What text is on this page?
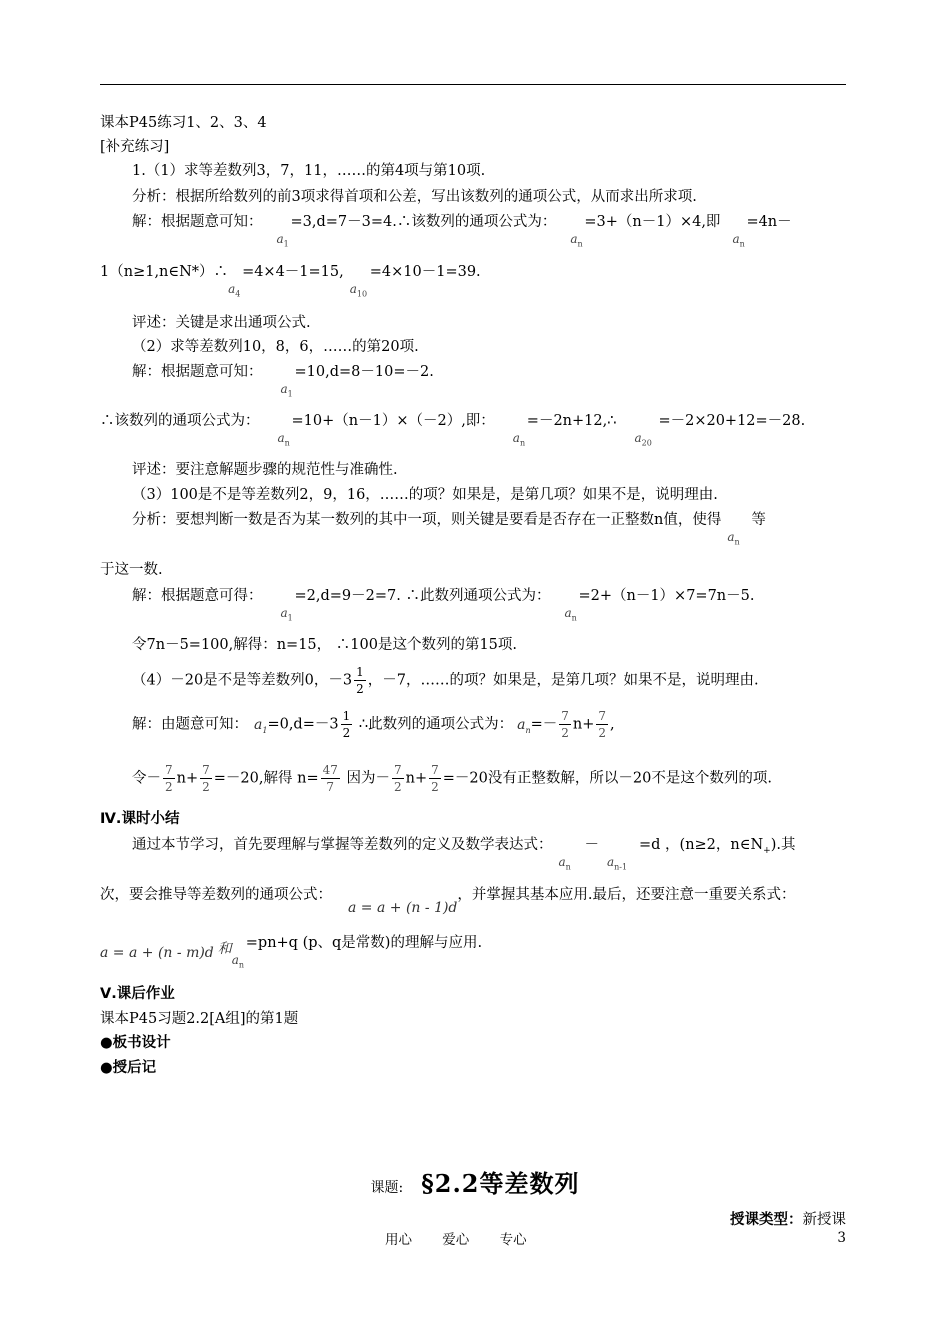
课本P45练习1、2、3、4
[补充练习]
1.（1）求等差数列3，7，11，……的第4项与第10项.
分析：根据所给数列的前3项求得首项和公差，写出该数列的通项公式，从而求出所求项.
解：根据题意可知：
$a_1$
=3,d=7－3=4.∴该数列的通项公式为：
$a_n$
=3+（n－1）×4,即
$a_n$
=4n－
1（n≥1,n∈N*）∴
$a_4$
=4×4－1=15,
$a_{10}$
=4×10－1=39.
评述：关键是求出通项公式.
（2）求等差数列10，8，6，……的第20项.
解：根据题意可知：
$a_1$
=10,d=8－10=－2.
∴该数列的通项公式为：
$a_n$
=10+（n－1）×（－2）,即：
$a_n$
=－2n+12,∴
$a_{20}$
=－2×20+12=－28.
评述：要注意解题步骤的规范性与准确性.
（3）100是不是等差数列2，9，16，……的项？如果是，是第几项？如果不是，说明理由.
分析：要想判断一数是否为某一数列的其中一项，则关键是要看是否存在一正整数n值，使得
$a_n$
等
于这一数.
解：根据题意可得：
$a_1$
=2,d=9－2=7. ∴此数列通项公式为：
$a_n$
=2+（n－1）×7=7n－5.
令7n－5=100,解得：n=15， ∴100是这个数列的第15项.
（4）－20是不是等差数列0，$-3 \frac{1}{2}$ ，－7，……的项？如果是，是第几项？如果不是，说明理由.
解：由题意可知： $a_1=0,d=-3 \frac{1}{2}$ ∴此数列的通项公式为： $a_n=- \frac{7}{2} n+ \frac{7}{2}$ ,
令－ $\frac{7}{2} n+ \frac{7}{2} =-20$,解得 $n= \frac{47}{7}$ 因为－ $\frac{7}{2} n+ \frac{7}{2} =-20$没有正整数解，所以－20不是这个数列的项.
Ⅳ.课时小结
通过本节学习，首先要理解与掌握等差数列的定义及数学表达式：
$a_n$
－
$a_{n-1}$
=d ，(n≥2，$n\in N_+$).其
次，要会推导等差数列的通项公式：a = a + (n - 1)d，并掌握其基本应用.最后，还要注意一重要关系式：
a = a + (n - m)d 和
$a_n$
=pn+q (p、q是常数)的理解与应用.
Ⅴ.课后作业
课本P45习题2.2[A组]的第1题
●板书设计
●授后记
课题: §2.2等差数列
授课类型：新授课
用心 爱心 专心	3
